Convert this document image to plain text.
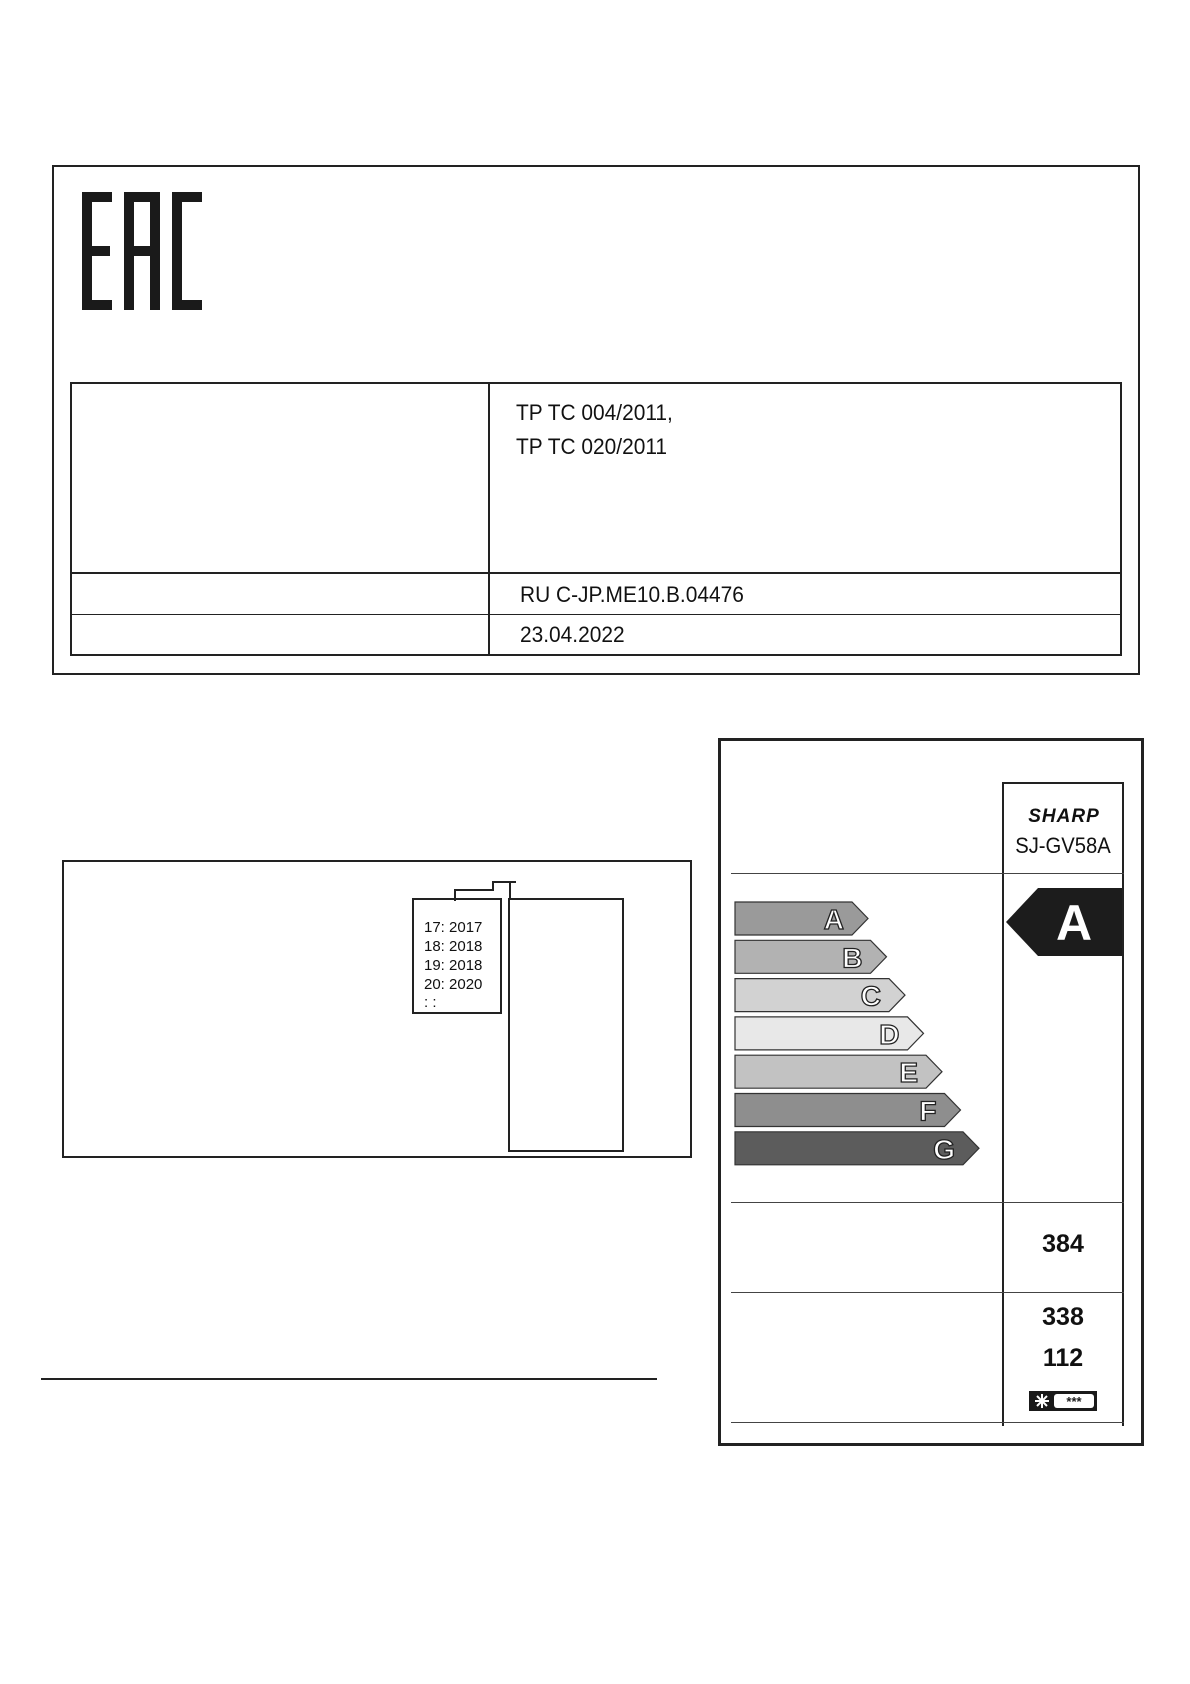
TP TC 004/2011,
TP TC 020/2011
RU C-JP.ME10.B.04476
23.04.2022
17: 2017
18: 2018
19: 2018
20: 2020
: :
SHARP
SJ-GV58A
A
B
C
D
E
F
G
A
384
338
112
***
